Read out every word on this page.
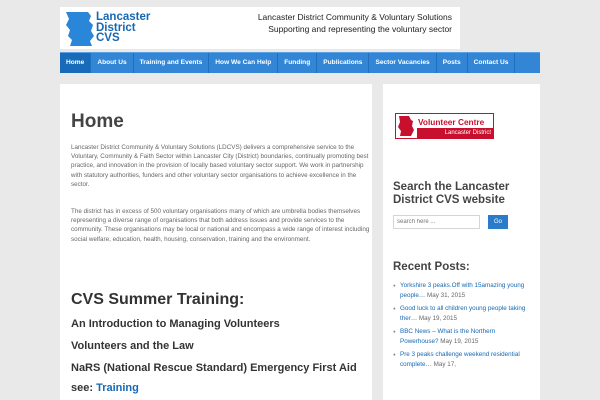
Lancaster
District
CVS
Lancaster District Community & Voluntary Solutions
Supporting and representing the voluntary sector
Home	About Us	Training and Events	How We Can Help	Funding	Publications	Sector Vacancies	Posts	Contact Us
Home

Lancaster District Community & Voluntary Solutions (LDCVS) delivers a comprehensive service to the Voluntary, Community & Faith Sector within Lancaster City (District) boundaries, continually promoting best practice, and innovation in the provision of locally based voluntary sector support. We work in partnership with statutory authorities, funders and other voluntary sector organisations to achieve excellence in the sector.

The district has in excess of 500 voluntary organisations many of which are umbrella bodies themselves representing a diverse range of organisations that both address issues and provide services to the community. These organisations may be local or national and encompass a wide range of interest including social welfare, education, health, housing, conservation, training and the environment.

CVS Summer Training:
An Introduction to Managing Volunteers
Volunteers and the Law
NaRS (National Rescue Standard) Emergency First Aid
see: Training
Volunteer Centre
Lancaster District
Search the Lancaster District CVS website
search here ...
Go
Recent Posts:
● Yorkshire 3 peaks.Off with 15amazing young people… May 31, 2015
● Good luck to all children young people taking ther… May 19, 2015
● BBC News – What is the Northern Powerhouse? May 19, 2015
● Pre 3 peaks challenge weekend residential complete… May 17,
